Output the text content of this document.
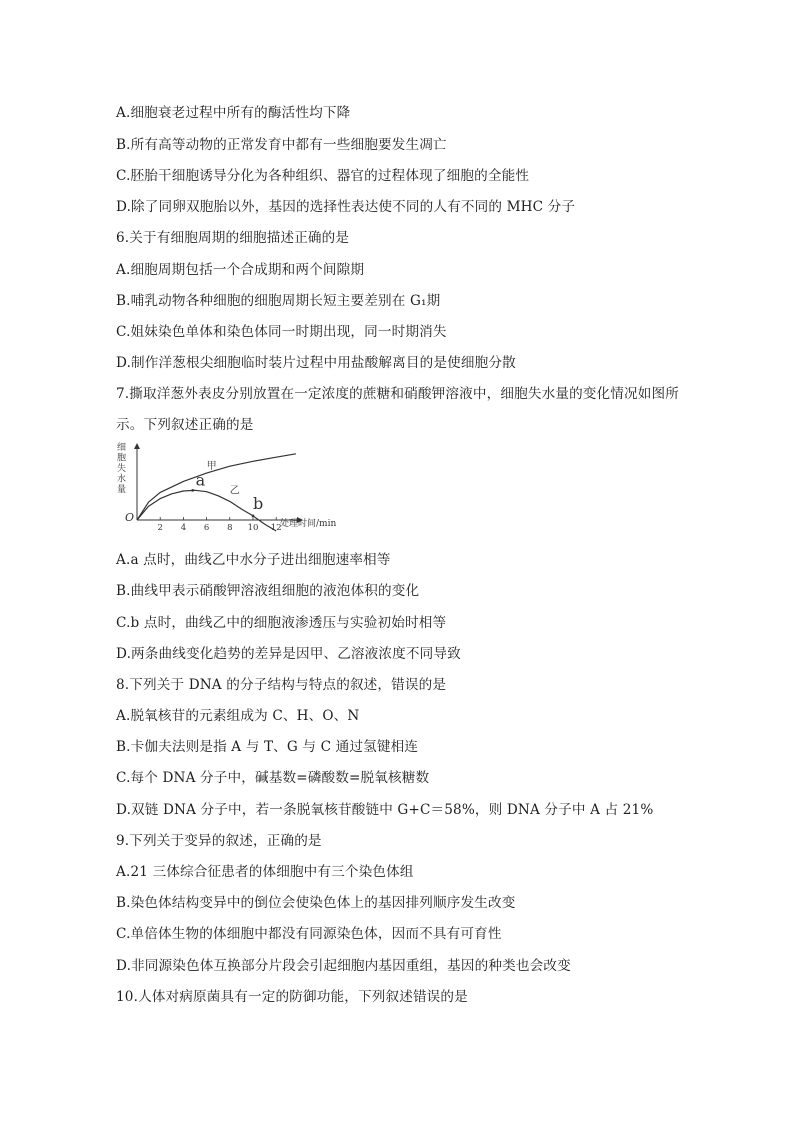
A.细胞衰老过程中所有的酶活性均下降
B.所有高等动物的正常发育中都有一些细胞要发生凋亡
C.胚胎干细胞诱导分化为各种组织、器官的过程体现了细胞的全能性
D.除了同卵双胞胎以外，基因的选择性表达使不同的人有不同的 MHC 分子
6.关于有细胞周期的细胞描述正确的是
A.细胞周期包括一个合成期和两个间隙期
B.哺乳动物各种细胞的细胞周期长短主要差别在 G₁期
C.姐妹染色单体和染色体同一时期出现，同一时期消失
D.制作洋葱根尖细胞临时装片过程中用盐酸解离目的是使细胞分散
7.撕取洋葱外表皮分别放置在一定浓度的蔗糖和硝酸钾溶液中，细胞失水量的变化情况如图所
示。下列叙述正确的是
细
胞
失
水
量
O	处理时间/min
2 4 6 8 10 12
甲
乙
a
b
A.a 点时，曲线乙中水分子进出细胞速率相等
B.曲线甲表示硝酸钾溶液组细胞的液泡体积的变化
C.b 点时，曲线乙中的细胞液渗透压与实验初始时相等
D.两条曲线变化趋势的差异是因甲、乙溶液浓度不同导致
8.下列关于 DNA 的分子结构与特点的叙述，错误的是
A.脱氧核苷的元素组成为 C、H、O、N
B.卡伽夫法则是指 A 与 T、G 与 C 通过氢键相连
C.每个 DNA 分子中，碱基数=磷酸数=脱氧核糖数
D.双链 DNA 分子中，若一条脱氧核苷酸链中 G+C＝58%，则 DNA 分子中 A 占 21%
9.下列关于变异的叙述，正确的是
A.21 三体综合征患者的体细胞中有三个染色体组
B.染色体结构变异中的倒位会使染色体上的基因排列顺序发生改变
C.单倍体生物的体细胞中都没有同源染色体，因而不具有可育性
D.非同源染色体互换部分片段会引起细胞内基因重组，基因的种类也会改变
10.人体对病原菌具有一定的防御功能，下列叙述错误的是
